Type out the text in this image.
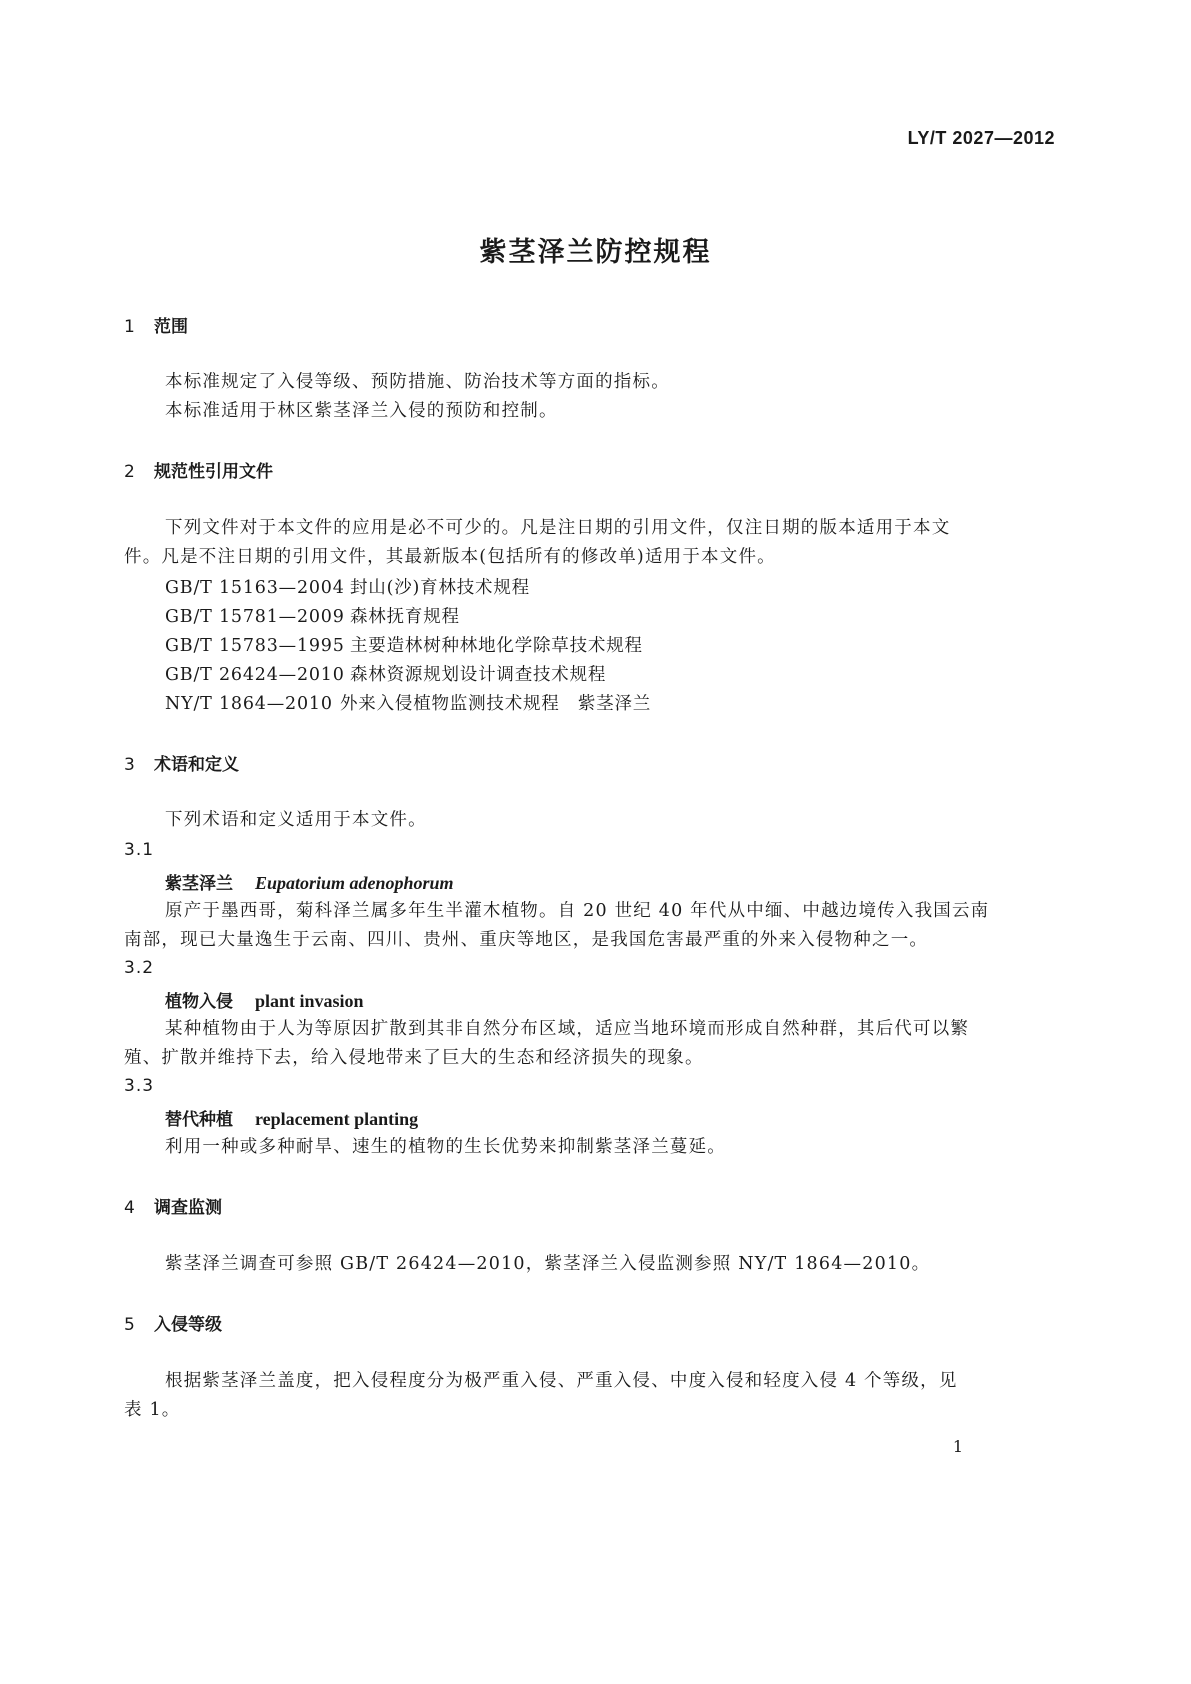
LY/T 2027—2012
紫茎泽兰防控规程
1 范围
本标准规定了入侵等级、预防措施、防治技术等方面的指标。
本标准适用于林区紫茎泽兰入侵的预防和控制。
2 规范性引用文件
下列文件对于本文件的应用是必不可少的。凡是注日期的引用文件，仅注日期的版本适用于本文
件。凡是不注日期的引用文件，其最新版本(包括所有的修改单)适用于本文件。
GB/T 15163—2004 封山(沙)育林技术规程
GB/T 15781—2009 森林抚育规程
GB/T 15783—1995 主要造林树种林地化学除草技术规程
GB/T 26424—2010 森林资源规划设计调查技术规程
NY/T 1864—2010 外来入侵植物监测技术规程　紫茎泽兰
3 术语和定义
下列术语和定义适用于本文件。
3.1
紫茎泽兰 Eupatorium adenophorum
原产于墨西哥，菊科泽兰属多年生半灌木植物。自 20 世纪 40 年代从中缅、中越边境传入我国云南
南部，现已大量逸生于云南、四川、贵州、重庆等地区，是我国危害最严重的外来入侵物种之一。
3.2
植物入侵 plant invasion
某种植物由于人为等原因扩散到其非自然分布区域，适应当地环境而形成自然种群，其后代可以繁
殖、扩散并维持下去，给入侵地带来了巨大的生态和经济损失的现象。
3.3
替代种植 replacement planting
利用一种或多种耐旱、速生的植物的生长优势来抑制紫茎泽兰蔓延。
4 调查监测
紫茎泽兰调查可参照 GB/T 26424—2010，紫茎泽兰入侵监测参照 NY/T 1864—2010。
5 入侵等级
根据紫茎泽兰盖度，把入侵程度分为极严重入侵、严重入侵、中度入侵和轻度入侵 4 个等级，见
表 1。
1
